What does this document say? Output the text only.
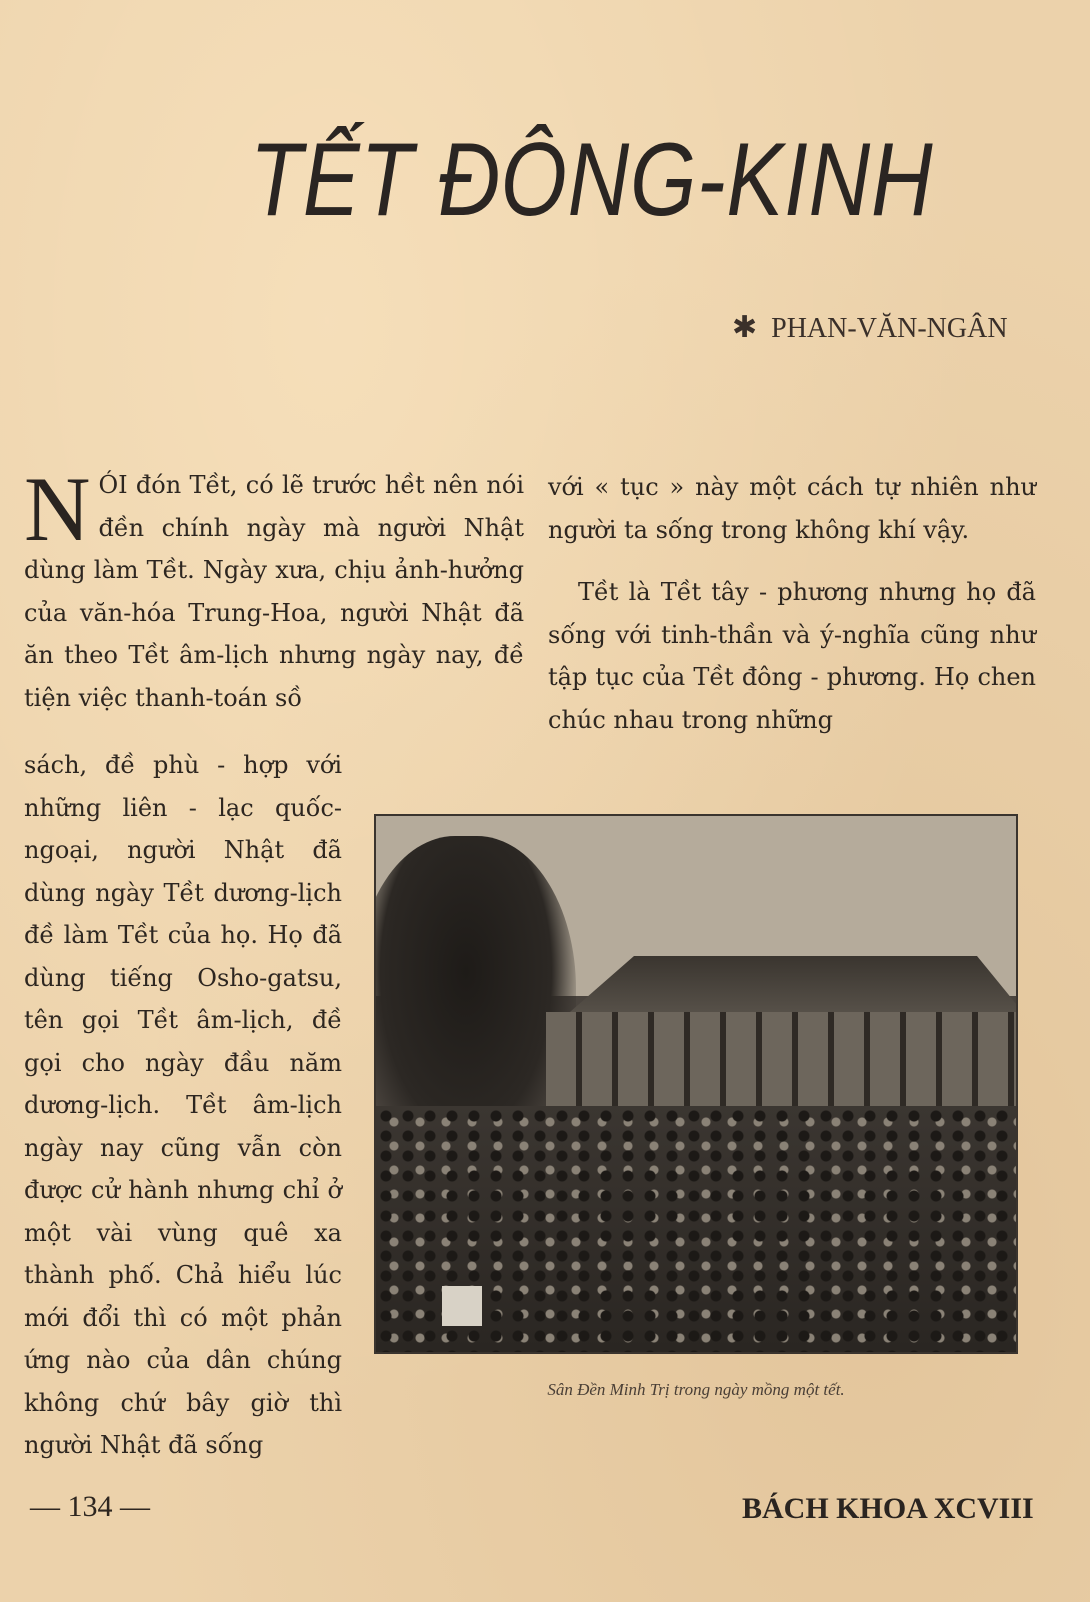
TẾT ĐÔNG-KINH
✱ PHAN-VĂN-NGÂN
N ÓI đón Tềt, có lẽ trước hềt nên nói đền chính ngày mà người Nhật dùng làm Tềt. Ngày xưa, chịu ảnh-hưởng của văn-hóa Trung-Hoa, người Nhật đã ăn theo Tềt âm-lịch nhưng ngày nay, đề tiện việc thanh-toán sồ

sách, đề phù - hợp với những liên - lạc quốc-ngoại, người Nhật đã dùng ngày Tềt dương-lịch đề làm Tềt của họ. Họ đã dùng tiếng Osho-gatsu, tên gọi Tềt âm-lịch, đề gọi cho ngày đầu năm dương-lịch. Tềt âm-lịch ngày nay cũng vẫn còn được cử hành nhưng chỉ ở một vài vùng quê xa thành phố. Chả hiểu lúc mới đổi thì có một phản ứng nào của dân chúng không chứ bây giờ thì người Nhật đã sống

với « tục » này một cách tự nhiên như người ta sống trong không khí vậy.

Tềt là Tềt tây - phương nhưng họ đã sống với tinh-thần và ý-nghĩa cũng như tập tục của Tềt đông - phương. Họ chen chúc nhau trong những

Sân Đền Minh Trị trong ngày mồng một tết.
— 134 —	BÁCH KHOA XCVIII
